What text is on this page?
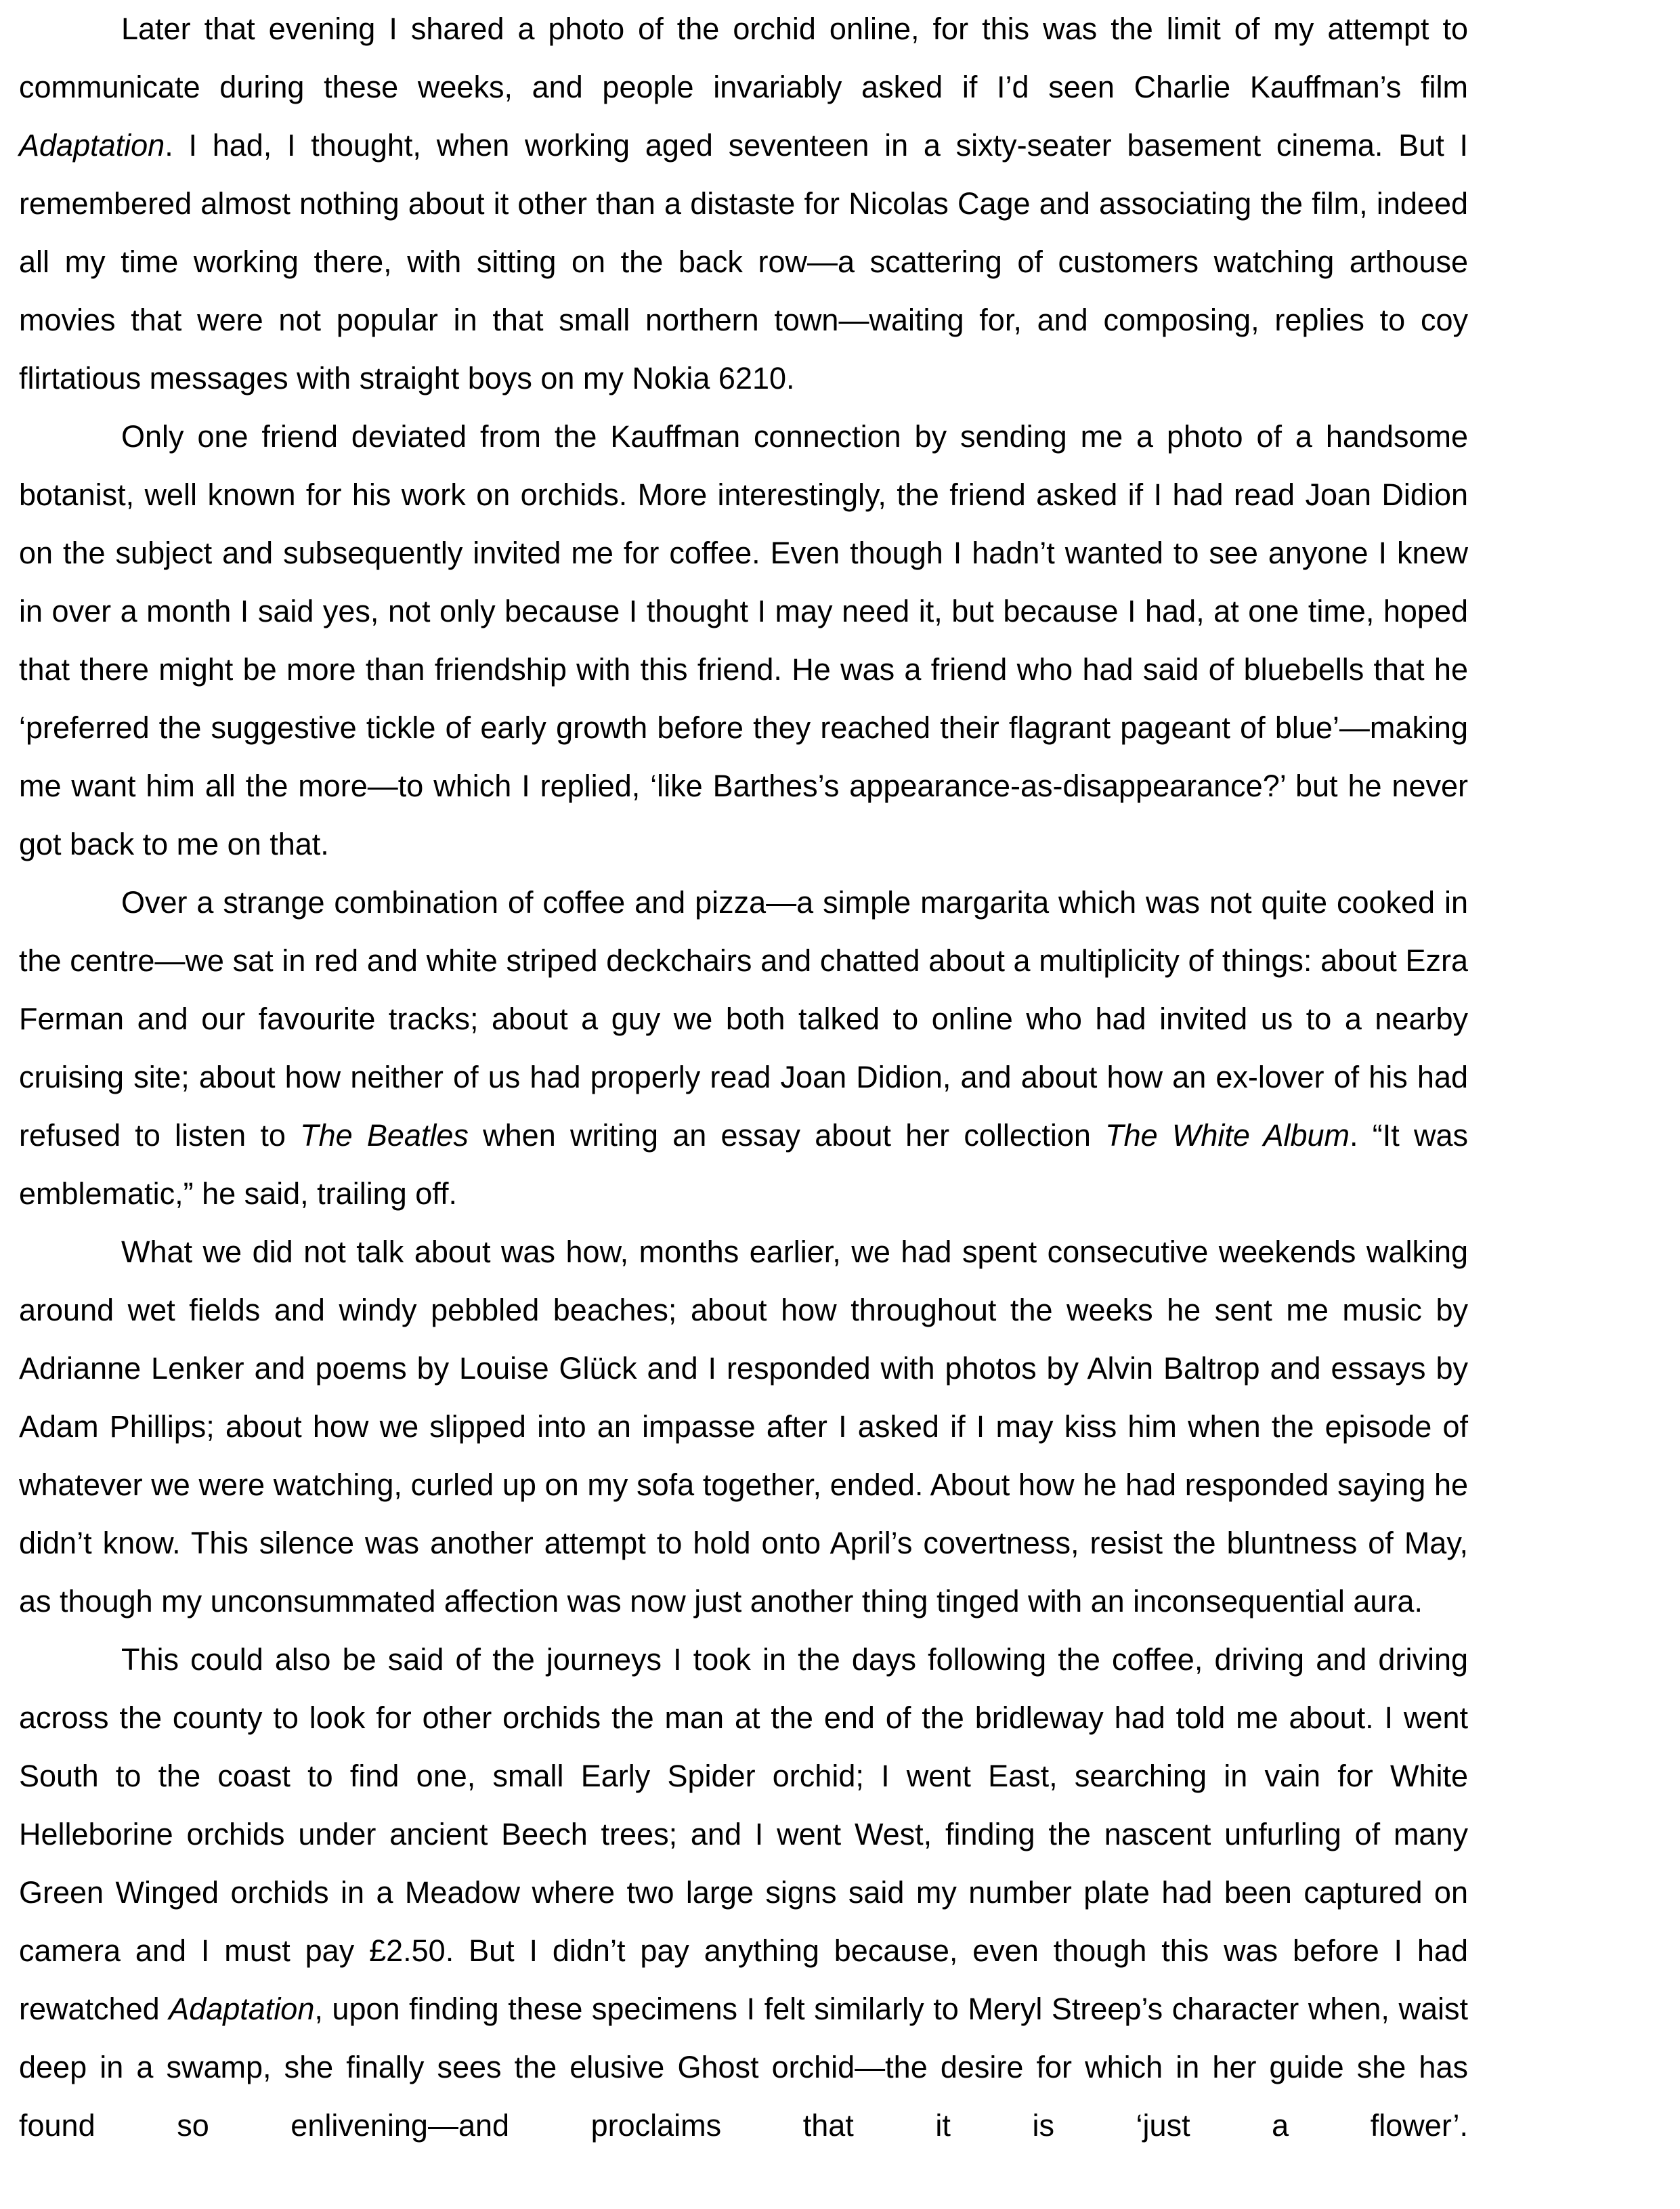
Later that evening I shared a photo of the orchid online, for this was the limit of my attempt to communicate during these weeks, and people invariably asked if I’d seen Charlie Kauffman’s film Adaptation. I had, I thought, when working aged seventeen in a sixty-seater basement cinema. But I remembered almost nothing about it other than a distaste for Nicolas Cage and associating the film, indeed all my time working there, with sitting on the back row—a scattering of customers watching arthouse movies that were not popular in that small northern town—waiting for, and composing, replies to coy flirtatious messages with straight boys on my Nokia 6210.

Only one friend deviated from the Kauffman connection by sending me a photo of a handsome botanist, well known for his work on orchids. More interestingly, the friend asked if I had read Joan Didion on the subject and subsequently invited me for coffee. Even though I hadn’t wanted to see anyone I knew in over a month I said yes, not only because I thought I may need it, but because I had, at one time, hoped that there might be more than friendship with this friend. He was a friend who had said of bluebells that he ‘preferred the suggestive tickle of early growth before they reached their flagrant pageant of blue’—making me want him all the more—to which I replied, ‘like Barthes’s appearance-as-disappearance?’ but he never got back to me on that.

Over a strange combination of coffee and pizza—a simple margarita which was not quite cooked in the centre—we sat in red and white striped deckchairs and chatted about a multiplicity of things: about Ezra Ferman and our favourite tracks; about a guy we both talked to online who had invited us to a nearby cruising site; about how neither of us had properly read Joan Didion, and about how an ex-lover of his had refused to listen to The Beatles when writing an essay about her collection The White Album. “It was emblematic,” he said, trailing off.

What we did not talk about was how, months earlier, we had spent consecutive weekends walking around wet fields and windy pebbled beaches; about how throughout the weeks he sent me music by Adrianne Lenker and poems by Louise Glück and I responded with photos by Alvin Baltrop and essays by Adam Phillips; about how we slipped into an impasse after I asked if I may kiss him when the episode of whatever we were watching, curled up on my sofa together, ended. About how he had responded saying he didn’t know. This silence was another attempt to hold onto April’s covertness, resist the bluntness of May, as though my unconsummated affection was now just another thing tinged with an inconsequential aura.

This could also be said of the journeys I took in the days following the coffee, driving and driving across the county to look for other orchids the man at the end of the bridleway had told me about. I went South to the coast to find one, small Early Spider orchid; I went East, searching in vain for White Helleborine orchids under ancient Beech trees; and I went West, finding the nascent unfurling of many Green Winged orchids in a Meadow where two large signs said my number plate had been captured on camera and I must pay £2.50. But I didn’t pay anything because, even though this was before I had rewatched Adaptation, upon finding these specimens I felt similarly to Meryl Streep’s character when, waist deep in a swamp, she finally sees the elusive Ghost orchid—the desire for which in her guide she has found so enlivening—and proclaims that it is ‘just a flower’.
